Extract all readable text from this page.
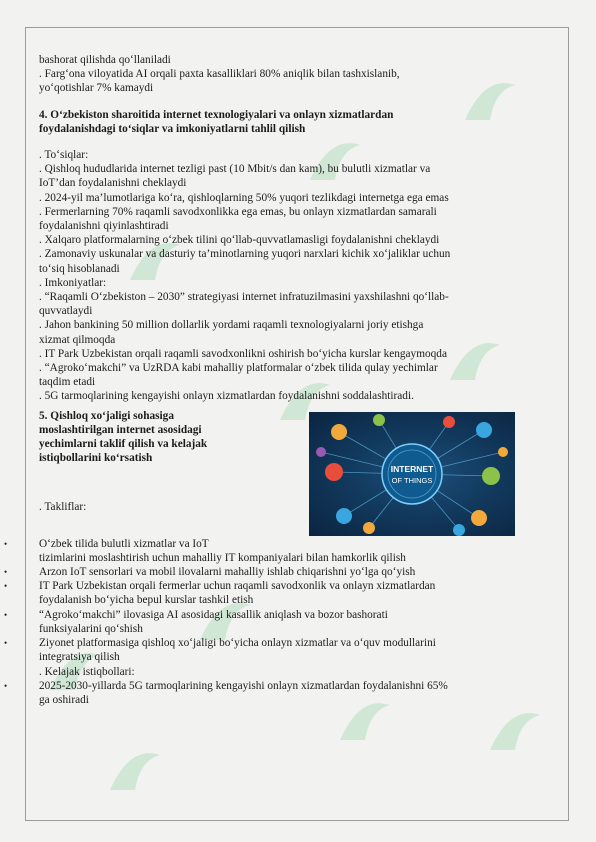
bashorat qilishda qo‘llaniladi

. Farg‘ona viloyatida AI orqali paxta kasalliklari 80% aniqlik bilan tashxislanib,

yo‘qotishlar 7% kamaydi

4. O‘zbekiston sharoitida internet texnologiyalari va onlayn xizmatlardan

foydalanishdagi to‘siqlar va imkoniyatlarni tahlil qilish

. To‘siqlar:

. Qishloq hududlarida internet tezligi past (10 Mbit/s dan kam), bu bulutli xizmatlar va

IoT’dan foydalanishni cheklaydi

. 2024-yil ma’lumotlariga ko‘ra, qishloqlarning 50% yuqori tezlikdagi internetga ega emas

. Fermerlarning 70% raqamli savodxonlikka ega emas, bu onlayn xizmatlardan samarali

foydalanishni qiyinlashtiradi

. Xalqaro platformalarning o‘zbek tilini qo‘llab-quvvatlamasligi foydalanishni cheklaydi

. Zamonaviy uskunalar va dasturiy ta’minotlarning yuqori narxlari kichik xo‘jaliklar uchun

to‘siq hisoblanadi

. Imkoniyatlar:

. “Raqamli O‘zbekiston – 2030” strategiyasi internet infratuzilmasini yaxshilashni qo‘llab-

quvvatlaydi

. Jahon bankining 50 million dollarlik yordami raqamli texnologiyalarni joriy etishga

xizmat qilmoqda

. IT Park Uzbekistan orqali raqamli savodxonlikni oshirish bo‘yicha kurslar kengaymoqda

. “Agroko‘makchi” va UzRDA kabi mahalliy platformalar o‘zbek tilida qulay yechimlar

taqdim etadi

. 5G tarmoqlarining kengayishi onlayn xizmatlardan foydalanishni soddalashtiradi.

5. Qishloq xo‘jaligi sohasiga

moslashtirilgan internet asosidagi

yechimlarni taklif qilish va kelajak

istiqbollarini ko‘rsatish

. Takliflar:

INTERNET
OF THINGS
•	O‘zbek tilida bulutli xizmatlar va IoT

tizimlarini moslashtirish uchun mahalliy IT kompaniyalari bilan hamkorlik qilish

•	Arzon IoT sensorlari va mobil ilovalarni mahalliy ishlab chiqarishni yo‘lga qo‘yish

•	IT Park Uzbekistan orqali fermerlar uchun raqamli savodxonlik va onlayn xizmatlardan

foydalanish bo‘yicha bepul kurslar tashkil etish

•	“Agroko‘makchi” ilovasiga AI asosidagi kasallik aniqlash va bozor bashorati

funksiyalarini qo‘shish

•	Ziyonet platformasiga qishloq xo‘jaligi bo‘yicha onlayn xizmatlar va o‘quv modullarini

integratsiya qilish

. Kelajak istiqbollari:

•	2025-2030-yillarda 5G tarmoqlarining kengayishi onlayn xizmatlardan foydalanishni 65%

ga oshiradi
